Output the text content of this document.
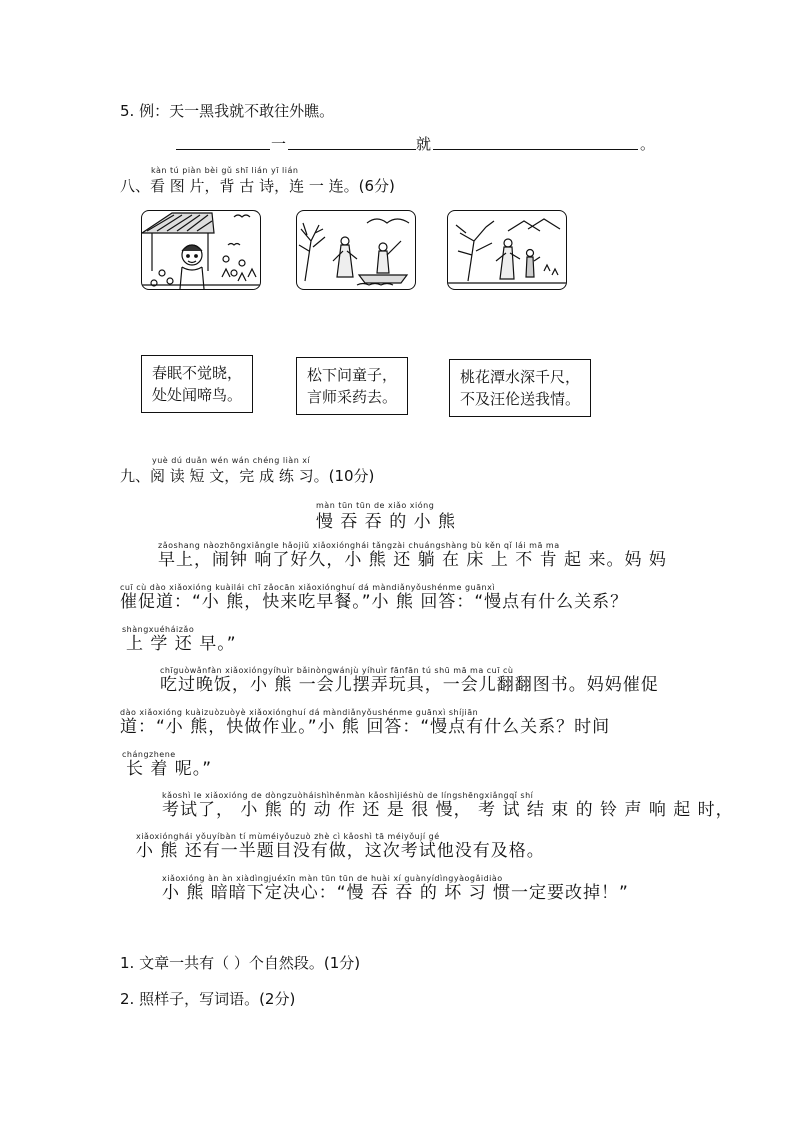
5. 例：天一黑我就不敢往外瞧。
一	就	。
kàn tú piàn bèi gǔ shī lián yī lián
八、看 图 片，背 古 诗，连 一 连。(6分)
春眠不觉晓，
处处闻啼鸟。
松下问童子，
言师采药去。
桃花潭水深千尺，
不及汪伦送我情。
yuè dú duǎn wén wán chéng liàn xí
九、阅 读 短 文，完 成 练 习。(10分)
màn tūn tūn de xiǎo xióng
慢 吞 吞 的 小 熊
zǎoshang nàozhōngxiǎngle hǎojiǔ xiǎoxiónghái tǎngzài chuángshàng bù kěn qǐ lái mā ma
早上，闹钟 响了好久，小 熊 还 躺 在 床 上 不 肯 起 来。妈 妈
cuī cù dào xiǎoxióng kuàilái chī zǎocān xiǎoxiónghuí dá màndiǎnyǒushénme guānxì
催促道：“小 熊，快来吃早餐。”小 熊 回答：“慢点有什么关系？
shàngxuéháizǎo
上 学 还 早。”
chīguòwǎnfàn xiǎoxióngyíhuìr bǎinòngwánjù yíhuìr fānfān tú shū mā ma cuī cù
吃过晚饭，小 熊 一会儿摆弄玩具，一会儿翻翻图书。妈妈催促
dào xiǎoxióng kuàizuòzuòyè xiǎoxiónghuí dá màndiǎnyǒushénme guānxì shíjiān
道：“小 熊，快做作业。”小 熊 回答：“慢点有什么关系？时间
chángzhene
长 着 呢。”
kǎoshì le xiǎoxióng de dòngzuòháishìhěnmàn kǎoshìjiéshù de língshēngxiǎngqǐ shí
考试了， 小 熊 的 动 作 还 是 很 慢， 考 试 结 束 的 铃 声 响 起 时，
xiǎoxiónghái yǒuyíbàn tí mùméiyǒuzuò zhè cì kǎoshì tā méiyǒují gé
小 熊 还有一半题目没有做，这次考试他没有及格。
xiǎoxióng àn àn xiàdìngjuéxīn màn tūn tūn de huài xí guànyídìngyàogǎidiào
小 熊 暗暗下定决心：“慢 吞 吞 的 坏 习 惯一定要改掉！”
1. 文章一共有（ ）个自然段。(1分)
2. 照样子，写词语。(2分)
